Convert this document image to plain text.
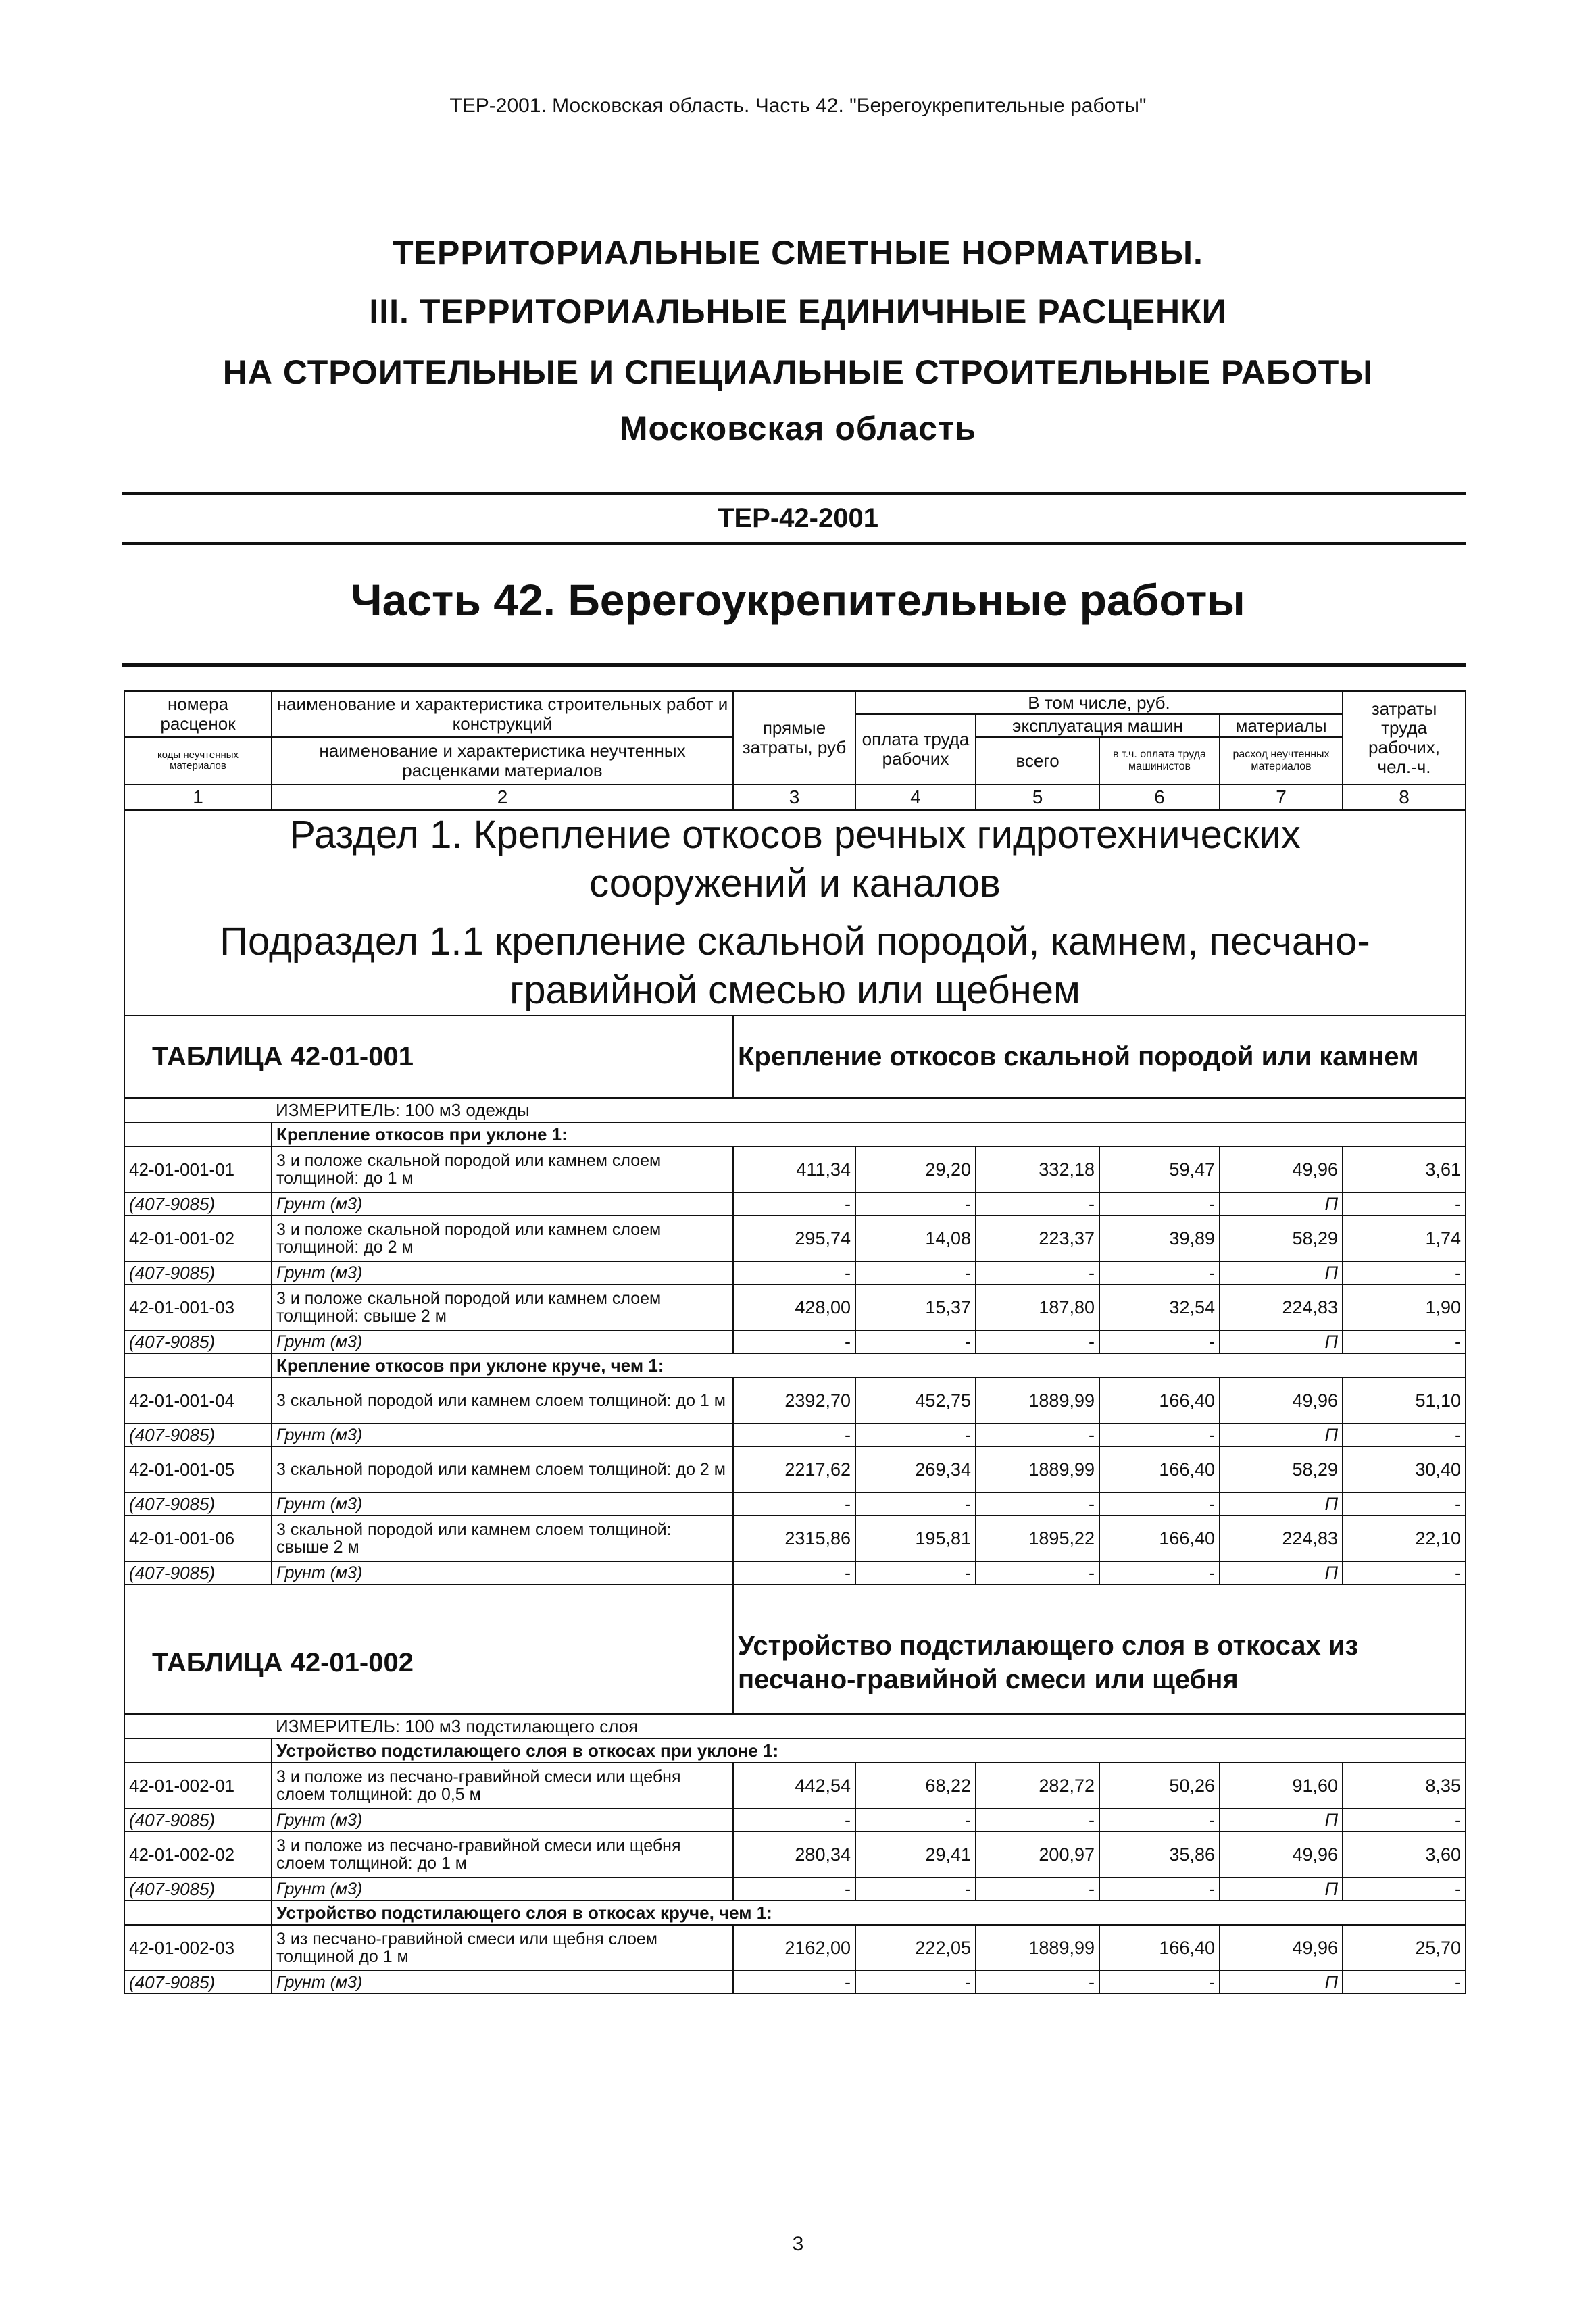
ТЕР-2001. Московская область. Часть 42. "Берегоукрепительные работы"
ТЕРРИТОРИАЛЬНЫЕ СМЕТНЫЕ НОРМАТИВЫ.
III. ТЕРРИТОРИАЛЬНЫЕ ЕДИНИЧНЫЕ РАСЦЕНКИ
НА СТРОИТЕЛЬНЫЕ И СПЕЦИАЛЬНЫЕ СТРОИТЕЛЬНЫЕ РАБОТЫ
Московская область
ТЕР-42-2001
Часть 42. Берегоукрепительные работы
номера расценок	наименование и характеристика строительных работ и конструкций	прямые затраты, руб	В том числе, руб.				затраты труда рабочих, чел.-ч.
			оплата труда рабочих	эксплуатация машин		материалы	
коды неучтенных материалов	наименование и характеристика неучтенных расценками материалов			всего	в т.ч. оплата труда машинистов	расход неучтенных материалов	

1	2	3	4	5	6	7	8
Раздел 1. Крепление откосов речных гидротехнических							
сооружений и каналов							
Подраздел 1.1 крепление скальной породой, камнем, песчано-							
гравийной смесью или щебнем							
ТАБЛИЦА 42-01-001		Крепление откосов скальной породой или камнем					
	ИЗМЕРИТЕЛЬ: 100 м3 одежды						
	Крепление откосов при уклоне 1:						
42-01-001-01	3 и положе скальной породой или камнем слоем толщиной: до 1 м	411,34	29,20	332,18	59,47	49,96	3,61
(407-9085)	Грунт (м3)	-	-	-	-	П	-
42-01-001-02	3 и положе скальной породой или камнем слоем толщиной: до 2 м	295,74	14,08	223,37	39,89	58,29	1,74
(407-9085)	Грунт (м3)	-	-	-	-	П	-
42-01-001-03	3 и положе скальной породой или камнем слоем толщиной: свыше 2 м	428,00	15,37	187,80	32,54	224,83	1,90
(407-9085)	Грунт (м3)	-	-	-	-	П	-
	Крепление откосов при уклоне круче, чем 1:						
42-01-001-04	3 скальной породой или камнем слоем толщиной: до 1 м	2392,70	452,75	1889,99	166,40	49,96	51,10
(407-9085)	Грунт (м3)	-	-	-	-	П	-
42-01-001-05	3 скальной породой или камнем слоем толщиной: до 2 м	2217,62	269,34	1889,99	166,40	58,29	30,40
(407-9085)	Грунт (м3)	-	-	-	-	П	-
42-01-001-06	3 скальной породой или камнем слоем толщиной: свыше 2 м	2315,86	195,81	1895,22	166,40	224,83	22,10
(407-9085)	Грунт (м3)	-	-	-	-	П	-
ТАБЛИЦА 42-01-002		Устройство подстилающего слоя в откосах из песчано-гравийной смеси или щебня					
	ИЗМЕРИТЕЛЬ: 100 м3 подстилающего слоя						
	Устройство подстилающего слоя в откосах при уклоне 1:						
42-01-002-01	3 и положе из песчано-гравийной смеси или щебня слоем толщиной: до 0,5 м	442,54	68,22	282,72	50,26	91,60	8,35
(407-9085)	Грунт (м3)	-	-	-	-	П	-
42-01-002-02	3 и положе из песчано-гравийной смеси или щебня слоем толщиной: до 1 м	280,34	29,41	200,97	35,86	49,96	3,60
(407-9085)	Грунт (м3)	-	-	-	-	П	-
	Устройство подстилающего слоя в откосах круче, чем 1:						
42-01-002-03	3 из песчано-гравийной смеси или щебня слоем толщиной до 1 м	2162,00	222,05	1889,99	166,40	49,96	25,70
(407-9085)	Грунт (м3)	-	-	-	-	П	-
3
